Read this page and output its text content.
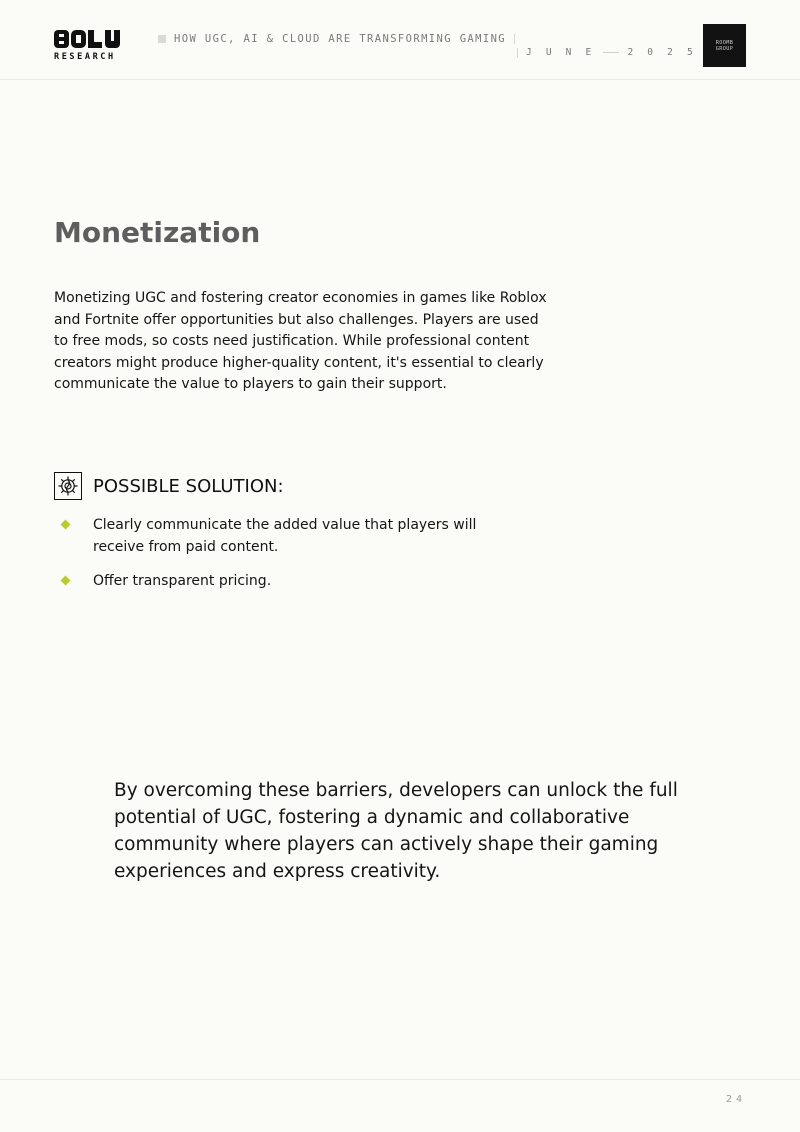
RESEARCH
HOW UGC, AI & CLOUD ARE TRANSFORMING GAMING
J U N E	2 0 2 5
ROOMB
GROUP
Monetization

Monetizing UGC and fostering creator economies in games like Roblox and Fortnite offer opportunities but also challenges. Players are used to free mods, so costs need justification. While professional content creators might produce higher-quality content, it's essential to clearly communicate the value to players to gain their support.

POSSIBLE SOLUTION:
Clearly communicate the added value that players will receive from paid content.
Offer transparent pricing.

By overcoming these barriers, developers can unlock the full potential of UGC, fostering a dynamic and collaborative community where players can actively shape their gaming experiences and express creativity.

24
